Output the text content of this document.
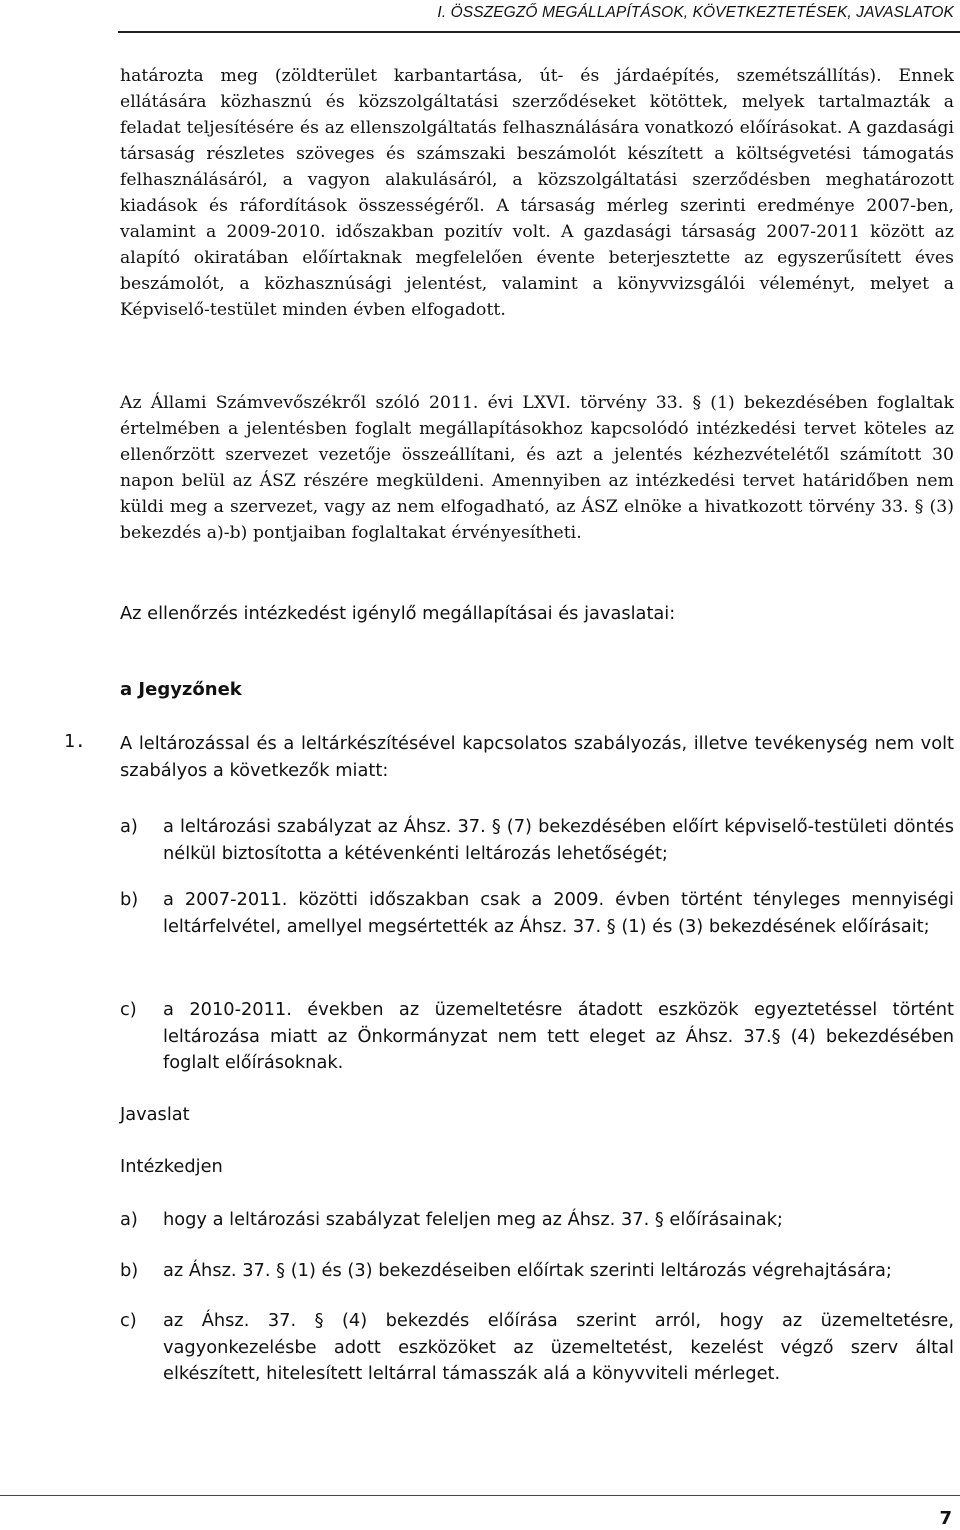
I. ÖSSZEGZŐ MEGÁLLAPÍTÁSOK, KÖVETKEZTETÉSEK, JAVASLATOK

határozta meg (zöldterület karbantartása, út- és járdaépítés, szemétszállítás). Ennek ellátására közhasznú és közszolgáltatási szerződéseket kötöttek, melyek tartalmazták a feladat teljesítésére és az ellenszolgáltatás felhasználására vonatkozó előírásokat. A gazdasági társaság részletes szöveges és számszaki beszámolót készített a költségvetési támogatás felhasználásáról, a vagyon alakulásáról, a közszolgáltatási szerződésben meghatározott kiadások és ráfordítások összességéről. A társaság mérleg szerinti eredménye 2007-ben, valamint a 2009-2010. időszakban pozitív volt. A gazdasági társaság 2007-2011 között az alapító okiratában előírtaknak megfelelően évente beterjesztette az egyszerűsített éves beszámolót, a közhasznúsági jelentést, valamint a könyvvizsgálói véleményt, melyet a Képviselő-testület minden évben elfogadott.

Az Állami Számvevőszékről szóló 2011. évi LXVI. törvény 33. § (1) bekezdésében foglaltak értelmében a jelentésben foglalt megállapításokhoz kapcsolódó intézkedési tervet köteles az ellenőrzött szervezet vezetője összeállítani, és azt a jelentés kézhezvételétől számított 30 napon belül az ÁSZ részére megküldeni. Amennyiben az intézkedési tervet határidőben nem küldi meg a szervezet, vagy az nem elfogadható, az ÁSZ elnöke a hivatkozott törvény 33. § (3) bekezdés a)-b) pontjaiban foglaltakat érvényesítheti.

Az ellenőrzés intézkedést igénylő megállapításai és javaslatai:
a Jegyzőnek
1. A leltározással és a leltárkészítésével kapcsolatos szabályozás, illetve tevékenység nem volt szabályos a következők miatt:

a) a leltározási szabályzat az Áhsz. 37. § (7) bekezdésében előírt képviselő-testületi döntés nélkül biztosította a kétévenkénti leltározás lehetőségét;

b) a 2007-2011. közötti időszakban csak a 2009. évben történt tényleges mennyiségi leltárfelvétel, amellyel megsértették az Áhsz. 37. § (1) és (3) bekezdésének előírásait;

c) a 2010-2011. években az üzemeltetésre átadott eszközök egyeztetéssel történt leltározása miatt az Önkormányzat nem tett eleget az Áhsz. 37.§ (4) bekezdésében foglalt előírásoknak.

Javaslat
Intézkedjen
a) hogy a leltározási szabályzat feleljen meg az Áhsz. 37. § előírásainak;

b) az Áhsz. 37. § (1) és (3) bekezdéseiben előírtak szerinti leltározás végrehajtására;

c) az Áhsz. 37. § (4) bekezdés előírása szerint arról, hogy az üzemeltetésre, vagyonkezelésbe adott eszközöket az üzemeltetést, kezelést végző szerv által elkészített, hitelesített leltárral támasszák alá a könyvviteli mérleget.

7
